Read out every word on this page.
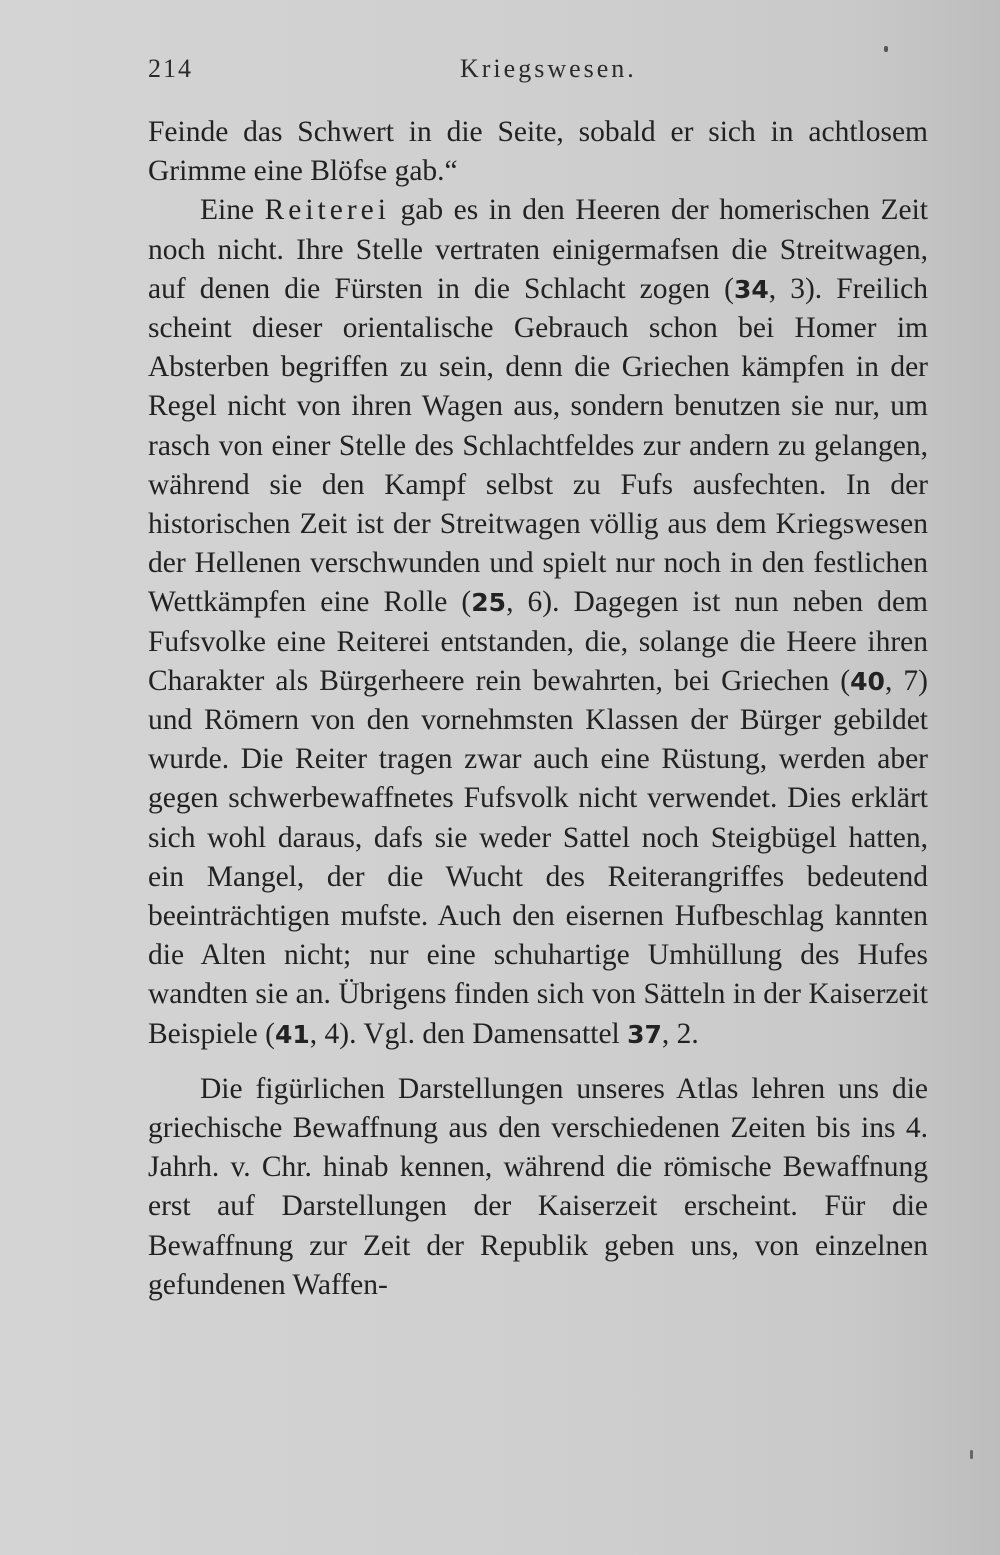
214	Kriegswesen.

Feinde das Schwert in die Seite, sobald er sich in achtlosem Grimme eine Blöfse gab.“

Eine Reiterei gab es in den Heeren der homerischen Zeit noch nicht. Ihre Stelle vertraten einigermafsen die Streitwagen, auf denen die Fürsten in die Schlacht zogen (34, 3). Freilich scheint dieser orientalische Gebrauch schon bei Homer im Absterben begriffen zu sein, denn die Griechen kämpfen in der Regel nicht von ihren Wagen aus, sondern benutzen sie nur, um rasch von einer Stelle des Schlachtfeldes zur andern zu gelangen, während sie den Kampf selbst zu Fufs ausfechten. In der historischen Zeit ist der Streitwagen völlig aus dem Kriegswesen der Hellenen verschwunden und spielt nur noch in den festlichen Wettkämpfen eine Rolle (25, 6). Dagegen ist nun neben dem Fufsvolke eine Reiterei entstanden, die, solange die Heere ihren Charakter als Bürgerheere rein bewahrten, bei Griechen (40, 7) und Römern von den vornehmsten Klassen der Bürger gebildet wurde. Die Reiter tragen zwar auch eine Rüstung, werden aber gegen schwerbewaffnetes Fufsvolk nicht verwendet. Dies erklärt sich wohl daraus, dafs sie weder Sattel noch Steigbügel hatten, ein Mangel, der die Wucht des Reiterangriffes bedeutend beeinträchtigen mufste. Auch den eisernen Hufbeschlag kannten die Alten nicht; nur eine schuhartige Umhüllung des Hufes wandten sie an. Übrigens finden sich von Sätteln in der Kaiserzeit Beispiele (41, 4). Vgl. den Damensattel 37, 2.

Die figürlichen Darstellungen unseres Atlas lehren uns die griechische Bewaffnung aus den verschiedenen Zeiten bis ins 4. Jahrh. v. Chr. hinab kennen, während die römische Bewaffnung erst auf Darstellungen der Kaiserzeit erscheint. Für die Bewaffnung zur Zeit der Republik geben uns, von einzelnen gefundenen Waffen-
